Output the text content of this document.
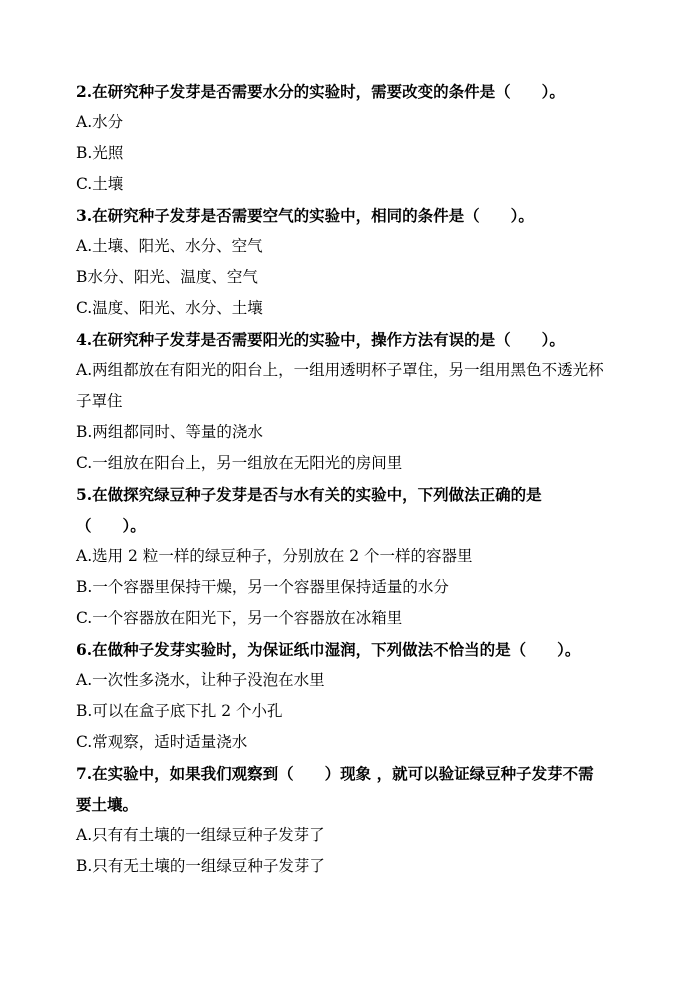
2.在研究种子发芽是否需要水分的实验时，需要改变的条件是（　　）。
A.水分
B.光照
C.土壤
3.在研究种子发芽是否需要空气的实验中，相同的条件是（　　）。
A.土壤、阳光、水分、空气
B水分、阳光、温度、空气
C.温度、阳光、水分、土壤
4.在研究种子发芽是否需要阳光的实验中，操作方法有误的是（　　）。
A.两组都放在有阳光的阳台上，一组用透明杯子罩住，另一组用黑色不透光杯
子罩住
B.两组都同时、等量的浇水
C.一组放在阳台上，另一组放在无阳光的房间里
5.在做探究绿豆种子发芽是否与水有关的实验中，下列做法正确的是
（　　）。
A.选用 2 粒一样的绿豆种子，分别放在 2 个一样的容器里
B.一个容器里保持干燥，另一个容器里保持适量的水分
C.一个容器放在阳光下，另一个容器放在冰箱里
6.在做种子发芽实验时，为保证纸巾湿润，下列做法不恰当的是（　　）。
A.一次性多浇水，让种子没泡在水里
B.可以在盒子底下扎 2 个小孔
C.常观察，适时适量浇水
7.在实验中，如果我们观察到（　　）现象 ，就可以验证绿豆种子发芽不需
要土壤。
A.只有有土壤的一组绿豆种子发芽了
B.只有无土壤的一组绿豆种子发芽了
